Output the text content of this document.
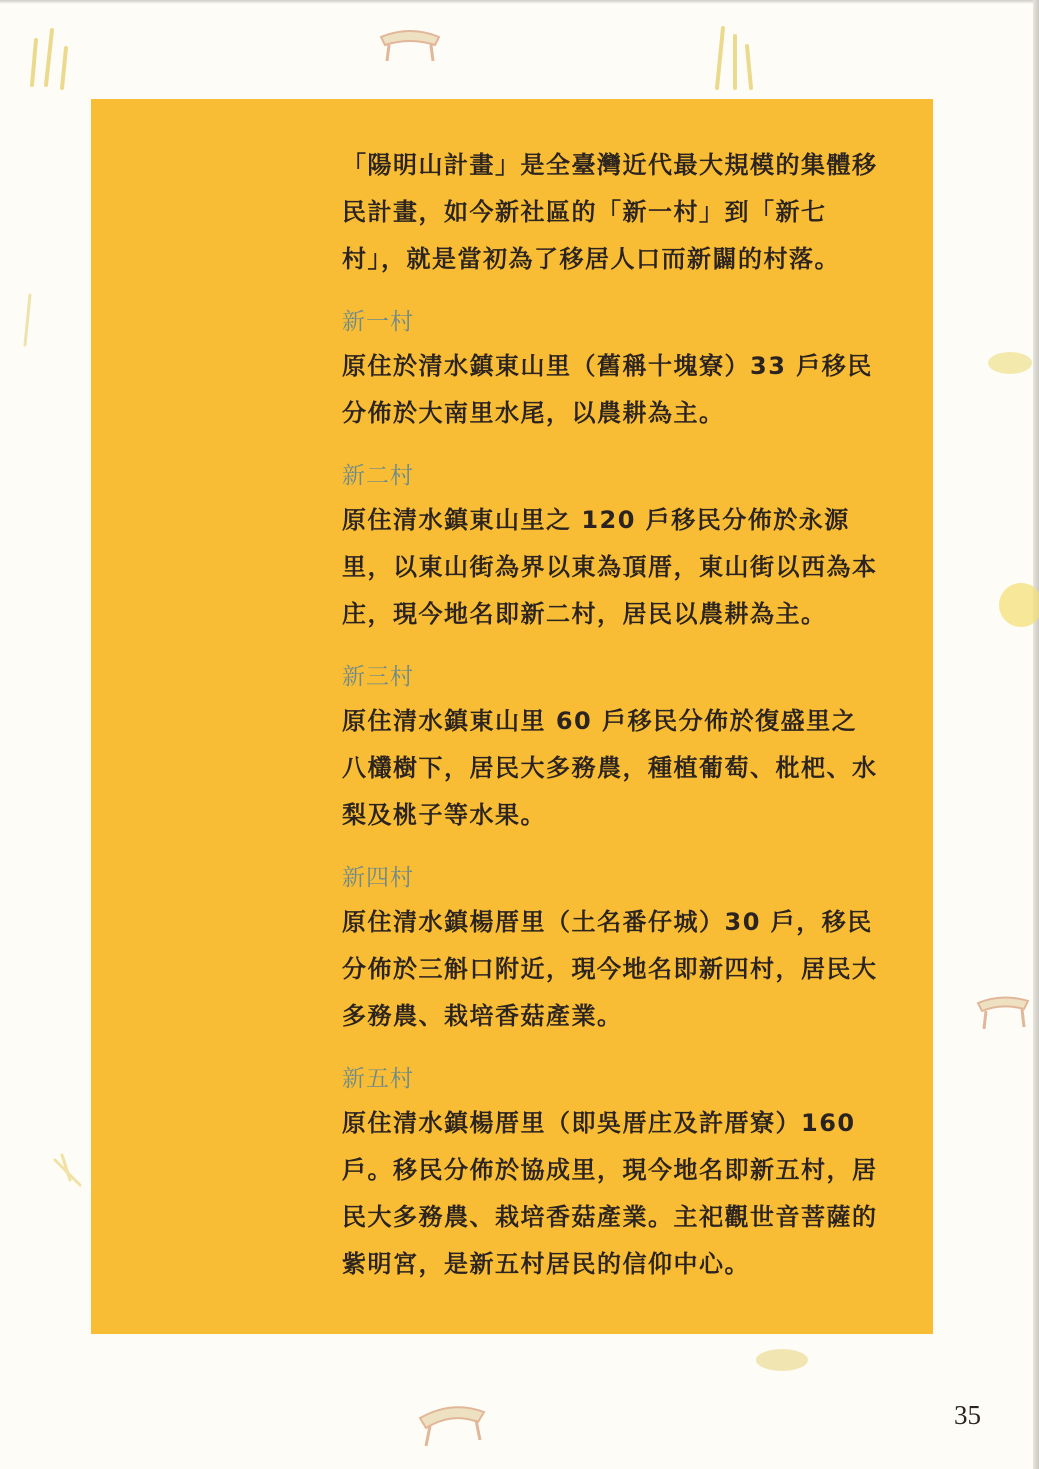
「陽明山計畫」是全臺灣近代最大規模的集體移民計畫，如今新社區的「新一村」到「新七村」，就是當初為了移居人口而新闢的村落。

新一村

原住於清水鎮東山里（舊稱十塊寮）33 戶移民分佈於大南里水尾，以農耕為主。

新二村

原住清水鎮東山里之 120 戶移民分佈於永源里，以東山街為界以東為頂厝，東山街以西為本庄，現今地名即新二村，居民以農耕為主。

新三村

原住清水鎮東山里 60 戶移民分佈於復盛里之八欉樹下，居民大多務農，種植葡萄、枇杷、水梨及桃子等水果。

新四村

原住清水鎮楊厝里（土名番仔城）30 戶，移民分佈於三斛口附近，現今地名即新四村，居民大多務農、栽培香菇產業。

新五村

原住清水鎮楊厝里（即吳厝庄及許厝寮）160 戶。移民分佈於協成里，現今地名即新五村，居民大多務農、栽培香菇產業。主祀觀世音菩薩的紫明宮，是新五村居民的信仰中心。

35
